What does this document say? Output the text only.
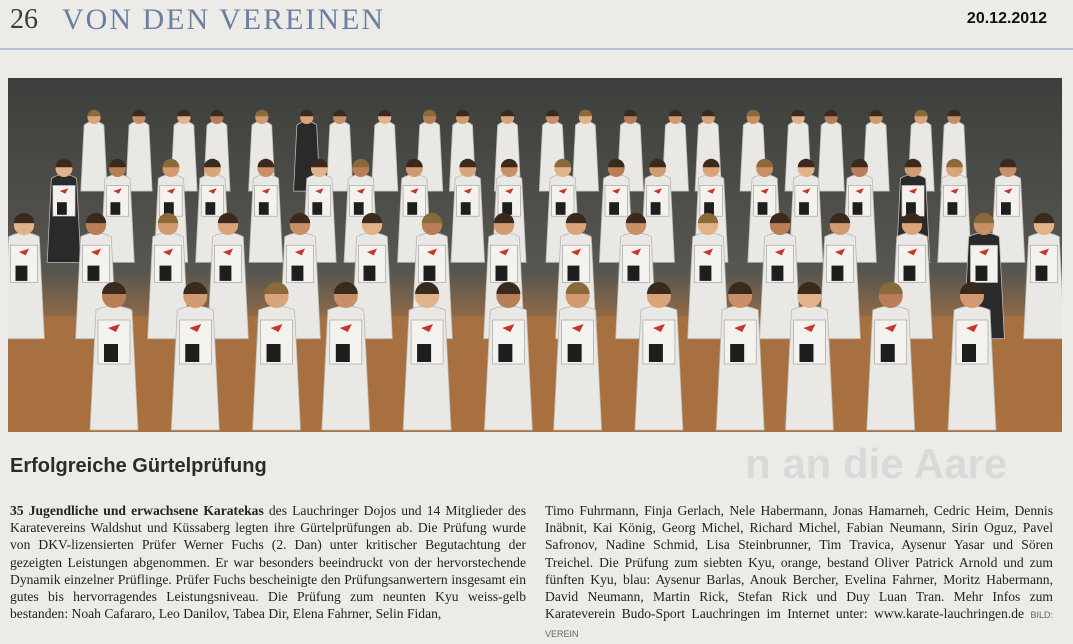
26 VON DEN VEREINEN	20.12.2012
n an die Aare
Erfolgreiche Gürtelprüfung
35 Jugendliche und erwachsene Karatekas des Lauchringer Dojos und 14 Mitglieder des Karatevereins Waldshut und Küssaberg legten ihre Gürtelprüfungen ab. Die Prüfung wurde von DKV-lizensierten Prüfer Werner Fuchs (2. Dan) unter kritischer Begutachtung der gezeigten Leistungen abgenommen. Er war besonders beeindruckt von der hervorstechende Dynamik einzelner Prüflinge. Prüfer Fuchs bescheinigte den Prüfungsanwertern insgesamt ein gutes bis hervorragendes Leistungsniveau. Die Prüfung zum neunten Kyu weiss-gelb bestanden: Noah Cafararo, Leo Danilov, Tabea Dir, Elena Fahrner, Selin Fidan,
Timo Fuhrmann, Finja Gerlach, Nele Habermann, Jonas Hamarneh, Cedric Heim, Dennis Inäbnit, Kai König, Georg Michel, Richard Michel, Fabian Neumann, Sirin Oguz, Pavel Safronov, Nadine Schmid, Lisa Steinbrunner, Tim Travica, Aysenur Yasar und Sören Treichel. Die Prüfung zum siebten Kyu, orange, bestand Oliver Patrick Arnold und zum fünften Kyu, blau: Aysenur Barlas, Anouk Bercher, Evelina Fahrner, Moritz Habermann, David Neumann, Martin Rick, Stefan Rick und Duy Luan Tran. Mehr Infos zum Karateverein Budo-Sport Lauchringen im Internet unter: www.karate-lauchringen.de BILD: VEREIN
